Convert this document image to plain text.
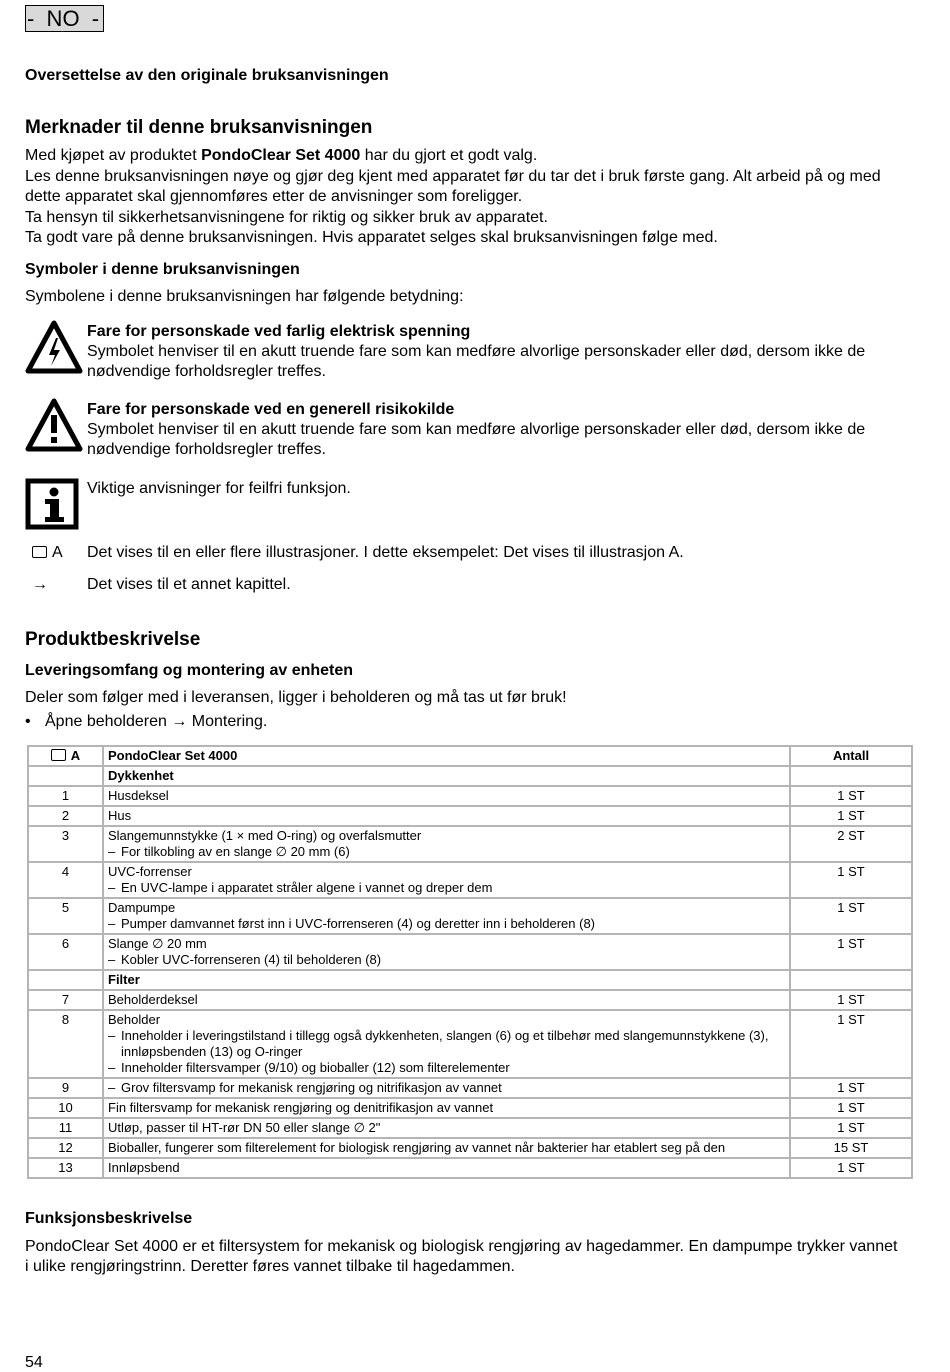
-  NO  -
Oversettelse av den originale bruksanvisningen
Merknader til denne bruksanvisningen
Med kjøpet av produktet PondoClear Set 4000 har du gjort et godt valg.
Les denne bruksanvisningen nøye og gjør deg kjent med apparatet før du tar det i bruk første gang. Alt arbeid på og med dette apparatet skal gjennomføres etter de anvisninger som foreligger.
Ta hensyn til sikkerhetsanvisningene for riktig og sikker bruk av apparatet.
Ta godt vare på denne bruksanvisningen. Hvis apparatet selges skal bruksanvisningen følge med.
Symboler i denne bruksanvisningen
Symbolene i denne bruksanvisningen har følgende betydning:
Fare for personskade ved farlig elektrisk spenning
Symbolet henviser til en akutt truende fare som kan medføre alvorlige personskader eller død, dersom ikke de nødvendige forholdsregler treffes.
Fare for personskade ved en generell risikokilde
Symbolet henviser til en akutt truende fare som kan medføre alvorlige personskader eller død, dersom ikke de nødvendige forholdsregler treffes.
Viktige anvisninger for feilfri funksjon.
A Det vises til en eller flere illustrasjoner. I dette eksempelet: Det vises til illustrasjon A.
→ Det vises til et annet kapittel.
Produktbeskrivelse
Leveringsomfang og montering av enheten
Deler som følger med i leveransen, ligger i beholderen og må tas ut før bruk!
• Åpne beholderen → Montering.
A	PondoClear Set 4000	Antall
	Dykkenhet	
1	Husdeksel	1 ST
2	Hus	1 ST
3	Slangemunnstykke (1 × med O-ring) og overfalsmutter
– For tilkobling av en slange ∅ 20 mm (6)	2 ST
4	UVC-forrenser
– En UVC-lampe i apparatet stråler algene i vannet og dreper dem	1 ST
5	Dampumpe
– Pumper damvannet først inn i UVC-forrenseren (4) og deretter inn i beholderen (8)	1 ST
6	Slange ∅ 20 mm
– Kobler UVC-forrenseren (4) til beholderen (8)	1 ST
	Filter	
7	Beholderdeksel	1 ST
8	Beholder
– Inneholder i leveringstilstand i tillegg også dykkenheten, slangen (6) og et tilbehør med slangemunnstykkene (3),
innløpsbenden (13) og O-ringer
– Inneholder filtersvamper (9/10) og bioballer (12) som filterelementer	1 ST
9	– Grov filtersvamp for mekanisk rengjøring og nitrifikasjon av vannet	1 ST
10	Fin filtersvamp for mekanisk rengjøring og denitrifikasjon av vannet	1 ST
11	Utløp, passer til HT-rør DN 50 eller slange ∅ 2"	1 ST
12	Bioballer, fungerer som filterelement for biologisk rengjøring av vannet når bakterier har etablert seg på den	15 ST
13	Innløpsbend	1 ST
Funksjonsbeskrivelse
PondoClear Set 4000 er et filtersystem for mekanisk og biologisk rengjøring av hagedammer. En dampumpe trykker vannet i ulike rengjøringstrinn. Deretter føres vannet tilbake til hagedammen.
54
